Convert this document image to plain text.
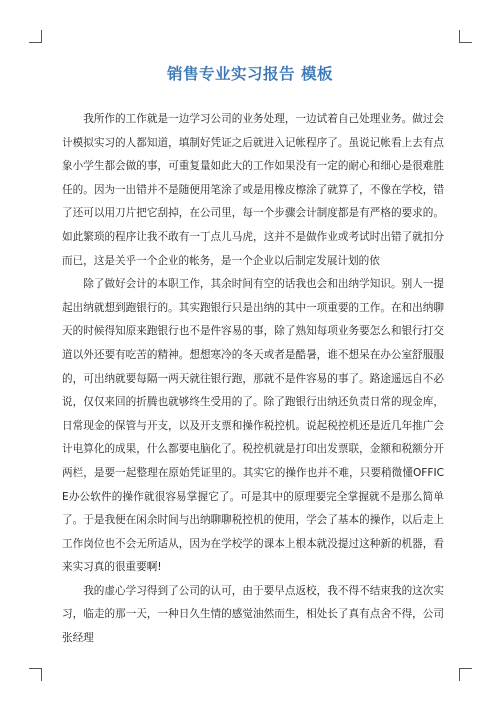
销售专业实习报告 模板

我所作的工作就是一边学习公司的业务处理，一边试着自己处理业务。做过会计模拟实习的人都知道，填制好凭证之后就进入记帐程序了。虽说记帐看上去有点象小学生都会做的事，可重复量如此大的工作如果没有一定的耐心和细心是很难胜任的。因为一出错并不是随便用笔涂了或是用橡皮檫涂了就算了，不像在学校，错了还可以用刀片把它刮掉，在公司里，每一个步骤会计制度都是有严格的要求的。如此繁琐的程序让我不敢有一丁点儿马虎，这并不是做作业或考试时出错了就扣分而已，这是关乎一个企业的帐务，是一个企业以后制定发展计划的依

除了做好会计的本职工作，其余时间有空的话我也会和出纳学知识。别人一提起出纳就想到跑银行的。其实跑银行只是出纳的其中一项重要的工作。在和出纳聊天的时候得知原来跑银行也不是件容易的事，除了熟知每项业务要怎么和银行打交道以外还要有吃苦的精神。想想寒冷的冬天或者是酷暑，谁不想呆在办公室舒服服的，可出纳就要每隔一两天就往银行跑，那就不是件容易的事了。路途遥远自不必说，仅仅来回的折腾也就够终生受用的了。除了跑银行出纳还负责日常的现金库，日常现金的保管与开支，以及开支票和操作税控机。说起税控机还是近几年推广会计电算化的成果，什么都要电脑化了。税控机就是打印出发票联，金额和税额分开两栏，是要一起整理在原始凭证里的。其实它的操作也并不难，只要稍微懂OFFICE办公软件的操作就很容易掌握它了。可是其中的原理要完全掌握就不是那么简单了。于是我便在闲余时间与出纳聊聊税控机的使用，学会了基本的操作，以后走上工作岗位也不会无所适从，因为在学校学的课本上根本就没提过这种新的机器，看来实习真的很重要啊!

我的虚心学习得到了公司的认可，由于要早点返校，我不得不结束我的这次实习，临走的那一天，一种日久生情的感觉油然而生，相处长了真有点舍不得，公司张经理
